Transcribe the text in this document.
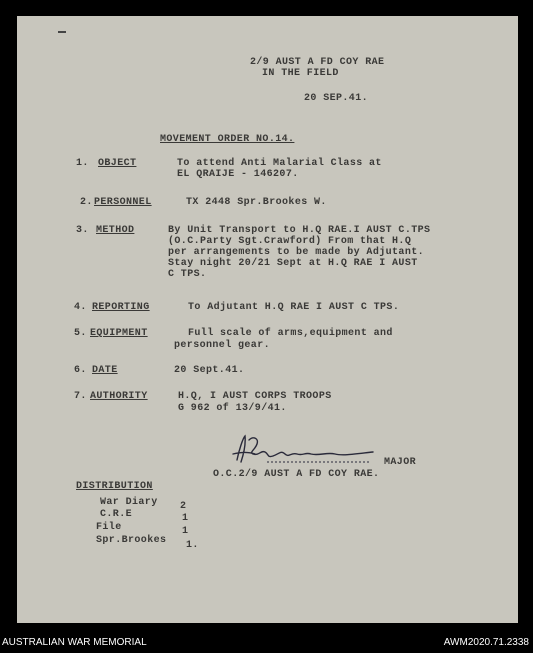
2/9 AUST A FD COY RAE
IN THE FIELD
20 SEP.41.
MOVEMENT ORDER NO.14.
1. OBJECT	To attend Anti Malarial Class at
EL QRAIJE - 146207.
2. PERSONNEL	TX 2448 Spr.Brookes W.
3. METHOD	By Unit Transport to H.Q RAE.I AUST C.TPS
(O.C.Party Sgt.Crawford) From that H.Q
per arrangements to be made by Adjutant.
Stay night 20/21 Sept at H.Q RAE I AUST
C TPS.
4. REPORTING	To Adjutant H.Q RAE I AUST C TPS.
5. EQUIPMENT	Full scale of arms,equipment and
personnel gear.
6. DATE	20 Sept.41.
7. AUTHORITY	H.Q, I AUST CORPS TROOPS
G 962 of 13/9/41.
MAJOR
O.C.2/9 AUST A FD COY RAE.
DISTRIBUTION
War Diary 2
C.R.E	1
File	1
Spr.Brookes 1.
AUSTRALIAN WAR MEMORIAL	AWM2020.71.2338
